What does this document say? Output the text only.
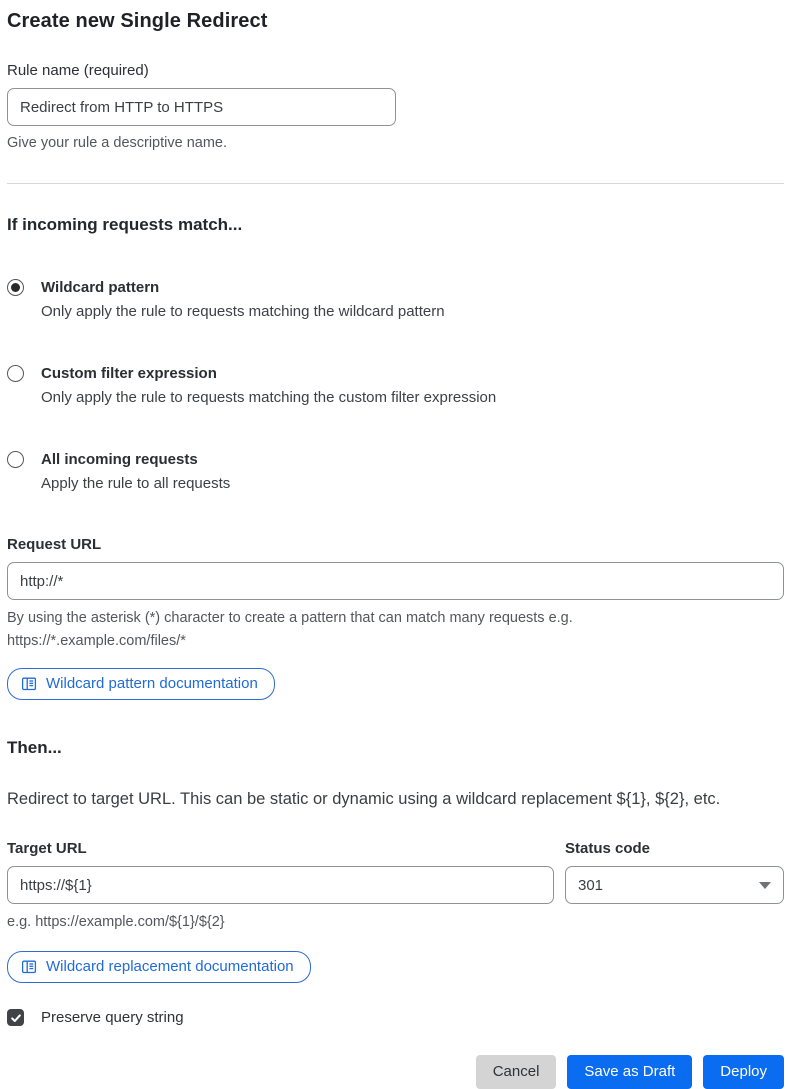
Create new Single Redirect
Rule name (required)
Redirect from HTTP to HTTPS
Give your rule a descriptive name.
If incoming requests match...
Wildcard pattern
Only apply the rule to requests matching the wildcard pattern
Custom filter expression
Only apply the rule to requests matching the custom filter expression
All incoming requests
Apply the rule to all requests
Request URL
http://*
By using the asterisk (*) character to create a pattern that can match many requests e.g.
https://*.example.com/files/*
Wildcard pattern documentation
Then...

Redirect to target URL. This can be static or dynamic using a wildcard replacement ${1}, ${2}, etc.

Target URL
https://${1}
e.g. https://example.com/${1}/${2}
Status code
301
Wildcard replacement documentation
Preserve query string
Cancel	Save as Draft	Deploy
